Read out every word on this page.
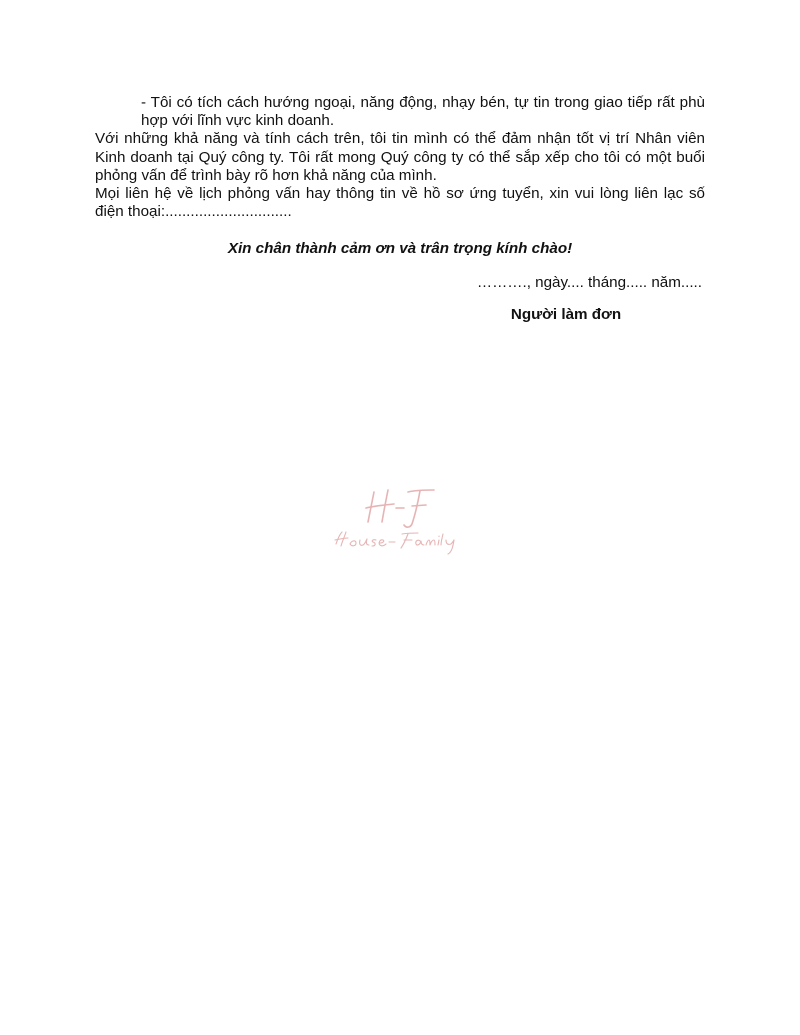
- Tôi có tích cách hướng ngoại, năng động, nhạy bén, tự tin trong giao tiếp rất phù hợp với lĩnh vực kinh doanh.

Với những khả năng và tính cách trên, tôi tin mình có thể đảm nhận tốt vị trí Nhân viên Kinh doanh tại Quý công ty. Tôi rất mong Quý công ty có thể sắp xếp cho tôi có một buổi phỏng vấn để trình bày rõ hơn khả năng của mình.

Mọi liên hệ về lịch phỏng vấn hay thông tin về hồ sơ ứng tuyển, xin vui lòng liên lạc số điện thoại:..............................

Xin chân thành cảm ơn và trân trọng kính chào!
………., ngày.... tháng..... năm.....
Người làm đơn
